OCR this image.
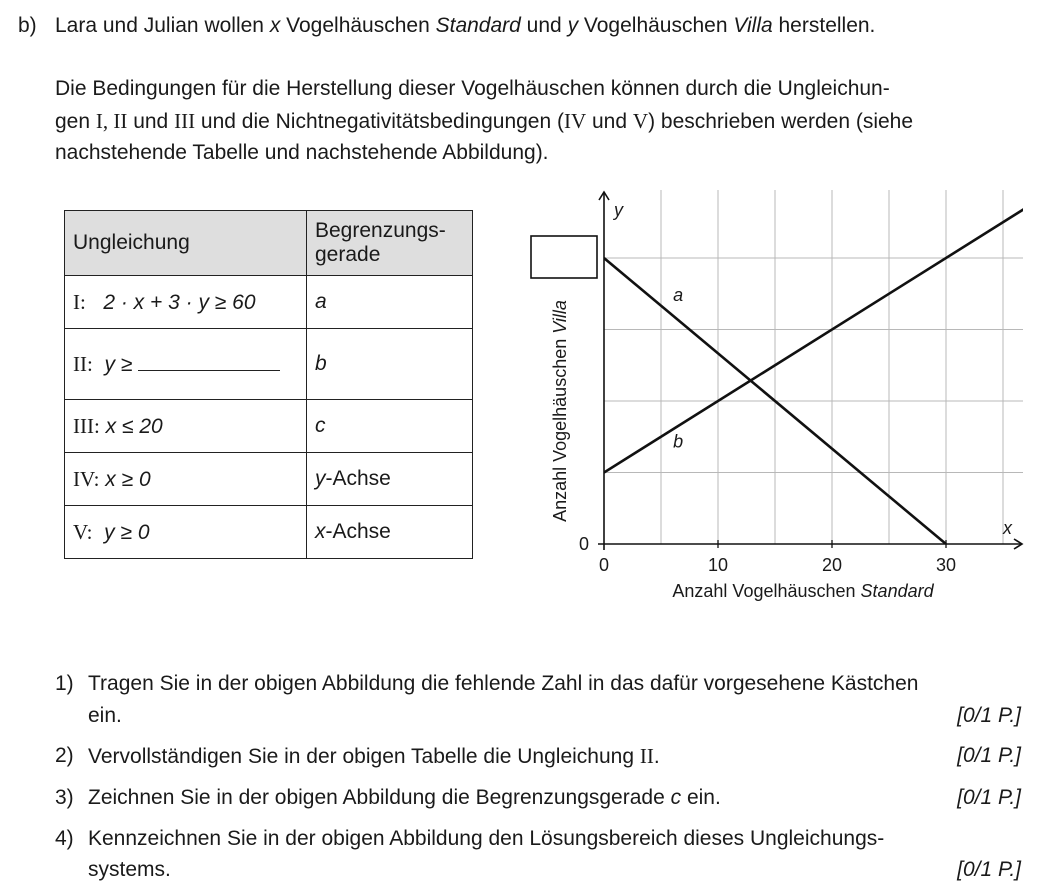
b) Lara und Julian wollen x Vogelhäuschen Standard und y Vogelhäuschen Villa herstellen.
Die Bedingungen für die Herstellung dieser Vogelhäuschen können durch die Ungleichun-
gen I, II und III und die Nichtnegativitätsbedingungen (IV und V) beschrieben werden (siehe
nachstehende Tabelle und nachstehende Abbildung).
Ungleichung	Begrenzungs-
gerade
I: 2 · x + 3 · y ≥ 60	a
II: y ≥	b
III: x ≤ 20	c
IV: x ≥ 0	y-Achse
V: y ≥ 0	x-Achse
0	10	20	30
0
x
y
Anzahl Vogelhäuschen Standard
Anzahl Vogelhäuschen Villa
a
b
1) Tragen Sie in der obigen Abbildung die fehlende Zahl in das dafür vorgesehene Kästchen
ein.	[0/1 P.]
2) Vervollständigen Sie in der obigen Tabelle die Ungleichung II.	[0/1 P.]
3) Zeichnen Sie in der obigen Abbildung die Begrenzungsgerade c ein.	[0/1 P.]
4) Kennzeichnen Sie in der obigen Abbildung den Lösungsbereich dieses Ungleichungs-
systems.	[0/1 P.]
